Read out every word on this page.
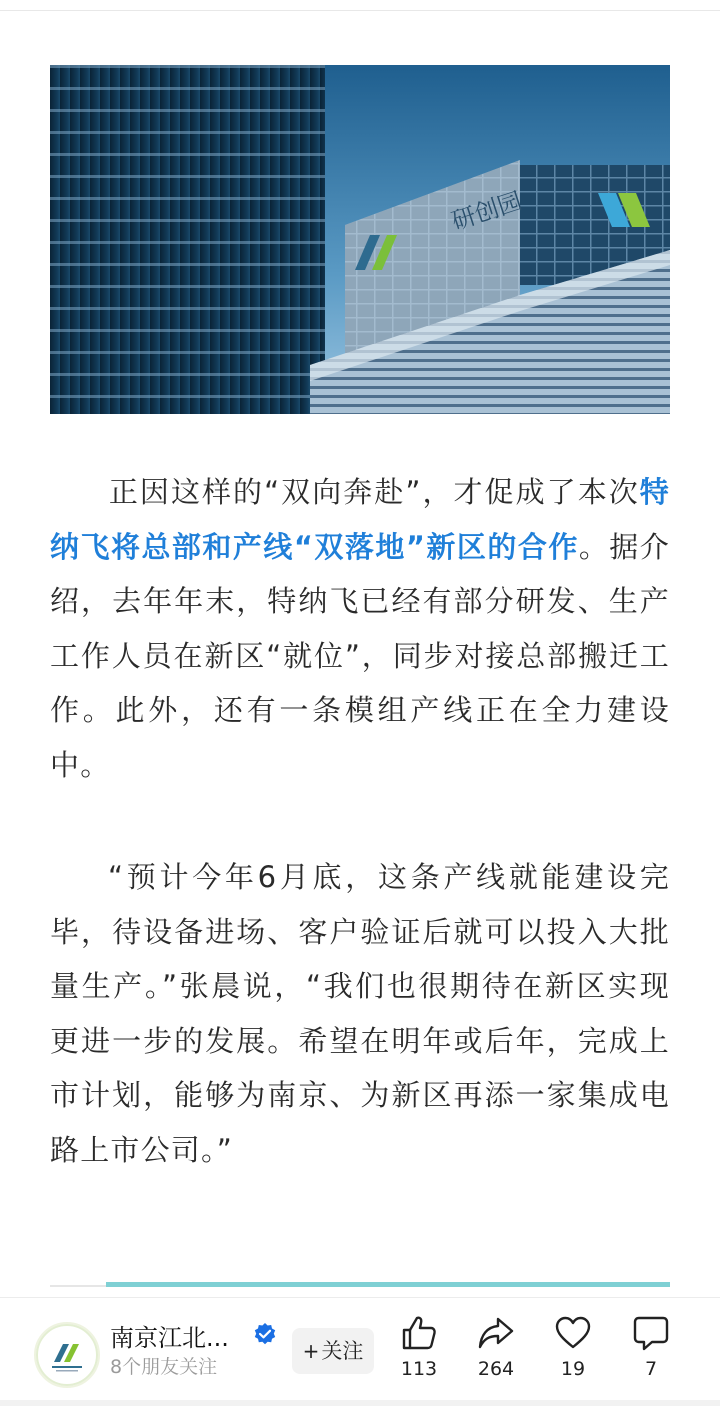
研创园

正因这样的“双向奔赴”，才促成了本次特纳飞将总部和产线“双落地”新区的合作。据介绍，去年年末，特纳飞已经有部分研发、生产工作人员在新区“就位”，同步对接总部搬迁工作。此外，还有一条模组产线正在全力建设中。

“预计今年6月底，这条产线就能建设完毕，待设备进场、客户验证后就可以投入大批量生产。”张晨说，“我们也很期待在新区实现更进一步的发展。希望在明年或后年，完成上市计划，能够为南京、为新区再添一家集成电路上市公司。”

南京江北...
8个朋友关注
+关注
113	264	19	7
